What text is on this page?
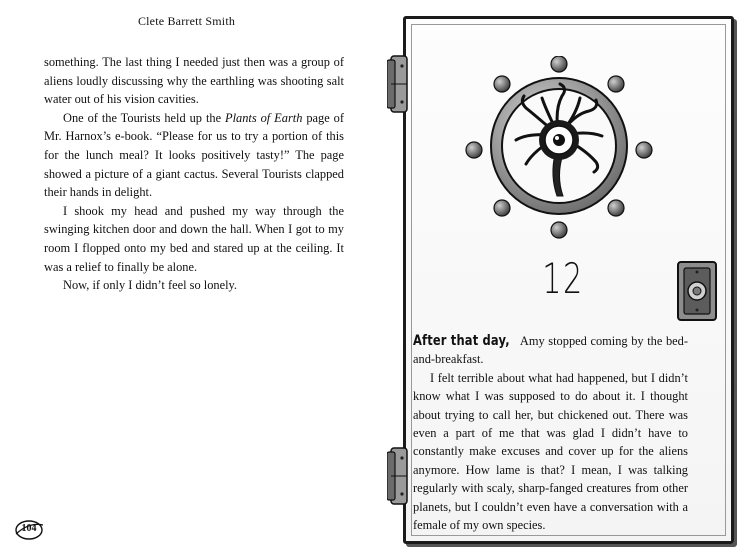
Clete Barrett Smith

something. The last thing I needed just then was a group of aliens loudly discussing why the earthling was shooting salt water out of his vision cavities.

One of the Tourists held up the Plants of Earth page of Mr. Harnox’s e-book. “Please for us to try a portion of this for the lunch meal? It looks positively tasty!” The page showed a picture of a giant cactus. Several Tourists clapped their hands in delight.

I shook my head and pushed my way through the swinging kitchen door and down the hall. When I got to my room I flopped onto my bed and stared up at the ceiling. It was a relief to finally be alone.

Now, if only I didn’t feel so lonely.

104
12

After that day, Amy stopped coming by the bed-and-breakfast.

I felt terrible about what had happened, but I didn’t know what I was supposed to do about it. I thought about trying to call her, but chickened out. There was even a part of me that was glad I didn’t have to constantly make excuses and cover up for the aliens anymore. How lame is that? I mean, I was talking regularly with scaly, sharp-fanged creatures from other planets, but I couldn’t even have a conversation with a female of my own species.
